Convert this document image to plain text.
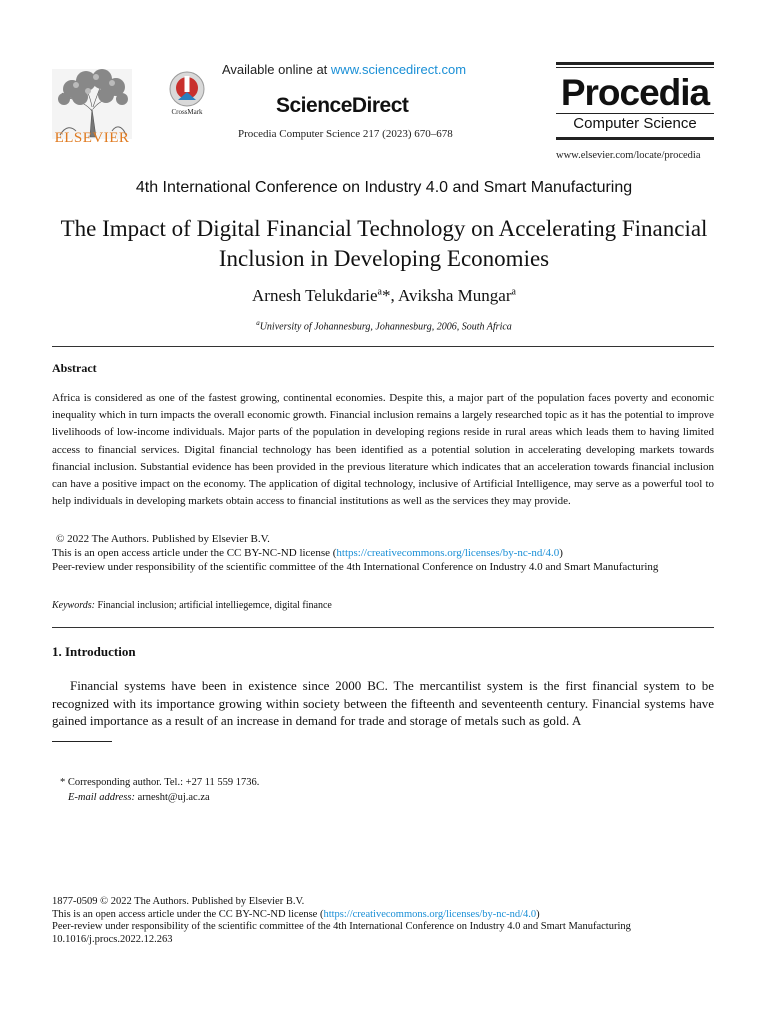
ELSEVIER
CrossMark
Available online at www.sciencedirect.com
ScienceDirect
Procedia Computer Science 217 (2023) 670–678
Procedia
Computer Science
www.elsevier.com/locate/procedia
4th International Conference on Industry 4.0 and Smart Manufacturing
The Impact of Digital Financial Technology on Accelerating Financial Inclusion in Developing Economies
Arnesh Telukdarie$^a$*, Aviksha Mungar$^a$
$^a$University of Johannesburg, Johannesburg, 2006, South Africa
Abstract
Africa is considered as one of the fastest growing, continental economies. Despite this, a major part of the population faces poverty and economic inequality which in turn impacts the overall economic growth. Financial inclusion remains a largely researched topic as it has the potential to improve livelihoods of low-income individuals. Major parts of the population in developing regions reside in rural areas which leads them to having limited access to financial services. Digital financial technology has been identified as a potential solution in accelerating developing markets towards financial inclusion. Substantial evidence has been provided in the previous literature which indicates that an acceleration towards financial inclusion can have a positive impact on the economy. The application of digital technology, inclusive of Artificial Intelligence, may serve as a powerful tool to help individuals in developing markets obtain access to financial institutions as well as the services they may provide.
© 2022 The Authors. Published by Elsevier B.V.
This is an open access article under the CC BY-NC-ND license (https://creativecommons.org/licenses/by-nc-nd/4.0)
Peer-review under responsibility of the scientific committee of the 4th International Conference on Industry 4.0 and Smart Manufacturing
Keywords: Financial inclusion; artificial intelliegemce, digital finance
1. Introduction
Financial systems have been in existence since 2000 BC. The mercantilist system is the first financial system to be recognized with its importance growing within society between the fifteenth and seventeenth century. Financial systems have gained importance as a result of an increase in demand for trade and storage of metals such as gold. A
* Corresponding author. Tel.: +27 11 559 1736.
E-mail address: arnesht@uj.ac.za
1877-0509 © 2022 The Authors. Published by Elsevier B.V.
This is an open access article under the CC BY-NC-ND license (https://creativecommons.org/licenses/by-nc-nd/4.0)
Peer-review under responsibility of the scientific committee of the 4th International Conference on Industry 4.0 and Smart Manufacturing
10.1016/j.procs.2022.12.263
